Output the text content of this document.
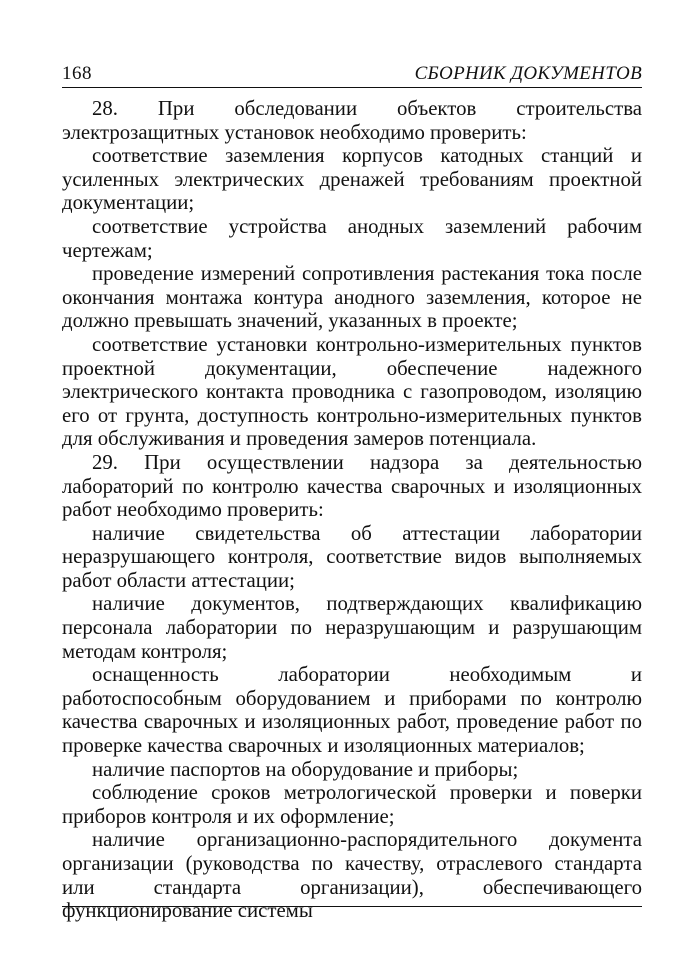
168	СБОРНИК ДОКУМЕНТОВ

28. При обследовании объектов строительства электрозащитных установок необходимо проверить:

соответствие заземления корпусов катодных станций и усиленных электрических дренажей требованиям проектной документации;

соответствие устройства анодных заземлений рабочим чертежам;

проведение измерений сопротивления растекания тока после окончания монтажа контура анодного заземления, которое не должно превышать значений, указанных в проекте;

соответствие установки контрольно-измерительных пунктов проектной документации, обеспечение надежного электрического контакта проводника с газопроводом, изоляцию его от грунта, доступность контрольно-измерительных пунктов для обслуживания и проведения замеров потенциала.

29. При осуществлении надзора за деятельностью лабораторий по контролю качества сварочных и изоляционных работ необходимо проверить:

наличие свидетельства об аттестации лаборатории неразрушающего контроля, соответствие видов выполняемых работ области аттестации;

наличие документов, подтверждающих квалификацию персонала лаборатории по неразрушающим и разрушающим методам контроля;

оснащенность лаборатории необходимым и работоспособным оборудованием и приборами по контролю качества сварочных и изоляционных работ, проведение работ по проверке качества сварочных и изоляционных материалов;

наличие паспортов на оборудование и приборы;

соблюдение сроков метрологической проверки и поверки приборов контроля и их оформление;

наличие организационно-распорядительного документа организации (руководства по качеству, отраслевого стандарта или стандарта организации), обеспечивающего функционирование системы
